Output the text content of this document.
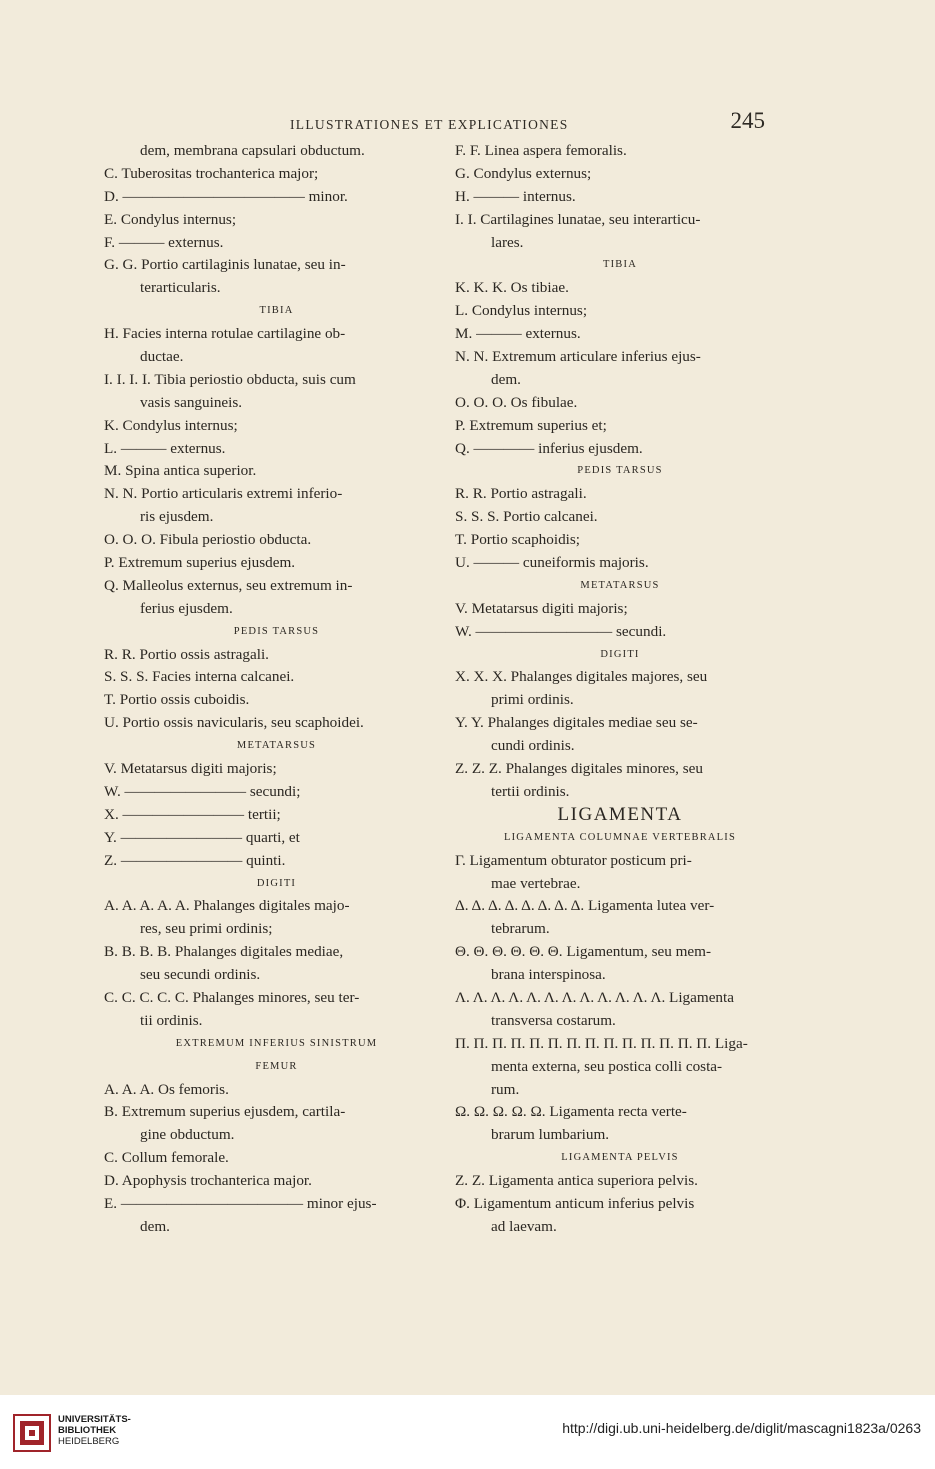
ILLUSTRATIONES ET EXPLICATIONES	245
dem, membrana capsulari obductum.
C. Tuberositas trochanterica major;
D. ———————————— minor.
E. Condylus internus;
F. ——— externus.
G. G. Portio cartilaginis lunatae, seu in-
terarticularis.
TIBIA
H. Facies interna rotulae cartilagine ob-
ductae.
I. I. I. I. Tibia periostio obducta, suis cum
vasis sanguineis.
K. Condylus internus;
L. ——— externus.
M. Spina antica superior.
N. N. Portio articularis extremi inferio-
ris ejusdem.
O. O. O. Fibula periostio obducta.
P. Extremum superius ejusdem.
Q. Malleolus externus, seu extremum in-
ferius ejusdem.
PEDIS TARSUS
R. R. Portio ossis astragali.
S. S. S. Facies interna calcanei.
T. Portio ossis cuboidis.
U. Portio ossis navicularis, seu scaphoidei.
METATARSUS
V. Metatarsus digiti majoris;
W. ———————— secundi;
X. ———————— tertii;
Y. ———————— quarti, et
Z. ———————— quinti.
DIGITI
A. A. A. A. A. Phalanges digitales majo-
res, seu primi ordinis;
B. B. B. B. Phalanges digitales mediae,
seu secundi ordinis.
C. C. C. C. C. Phalanges minores, seu ter-
tii ordinis.
EXTREMUM INFERIUS SINISTRUM
FEMUR
A. A. A. Os femoris.
B. Extremum superius ejusdem, cartila-
gine obductum.
C. Collum femorale.
D. Apophysis trochanterica major.
E. ———————————— minor ejus-
dem.
F. F. Linea aspera femoralis.
G. Condylus externus;
H. ——— internus.
I. I. Cartilagines lunatae, seu interarticu-
lares.
TIBIA
K. K. K. Os tibiae.
L. Condylus internus;
M. ——— externus.
N. N. Extremum articulare inferius ejus-
dem.
O. O. O. Os fibulae.
P. Extremum superius et;
Q. ———— inferius ejusdem.
PEDIS TARSUS
R. R. Portio astragali.
S. S. S. Portio calcanei.
T. Portio scaphoidis;
U. ——— cuneiformis majoris.
METATARSUS
V. Metatarsus digiti majoris;
W. ————————— secundi.
DIGITI
X. X. X. Phalanges digitales majores, seu
primi ordinis.
Y. Y. Phalanges digitales mediae seu se-
cundi ordinis.
Z. Z. Z. Phalanges digitales minores, seu
tertii ordinis.
LIGAMENTA
LIGAMENTA COLUMNAE VERTEBRALIS
Γ. Ligamentum obturator posticum pri-
mae vertebrae.
Δ. Δ. Δ. Δ. Δ. Δ. Δ. Δ. Ligamenta lutea ver-
tebrarum.
Θ. Θ. Θ. Θ. Θ. Θ. Ligamentum, seu mem-
brana interspinosa.
Λ. Λ. Λ. Λ. Λ. Λ. Λ. Λ. Λ. Λ. Λ. Λ. Ligamenta
transversa costarum.
Π. Π. Π. Π. Π. Π. Π. Π. Π. Π. Π. Π. Π. Π. Liga-
menta externa, seu postica colli costa-
rum.
Ω. Ω. Ω. Ω. Ω. Ligamenta recta verte-
brarum lumbarium.
LIGAMENTA PELVIS
Z. Z. Ligamenta antica superiora pelvis.
Φ. Ligamentum anticum inferius pelvis
ad laevam.
UNIVERSITÄTS-
BIBLIOTHEK
HEIDELBERG
http://digi.ub.uni-heidelberg.de/diglit/mascagni1823a/0263
